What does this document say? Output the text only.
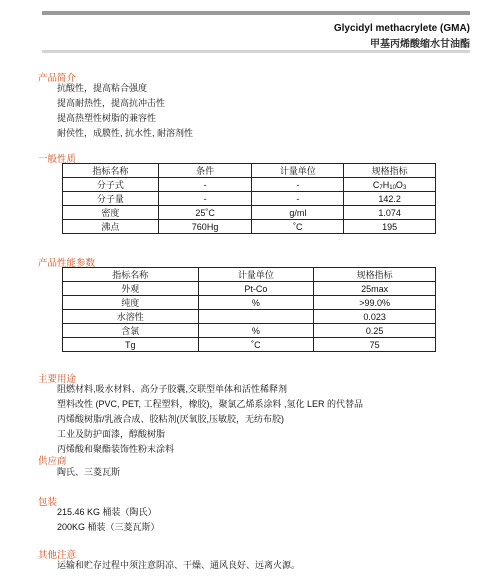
Glycidyl methacrylete (GMA)
甲基丙烯酸缩水甘油酯
产品简介
抗酸性，提高粘合强度
提高耐热性，提高抗冲击性
提高热塑性树脂的兼容性
耐侯性，成膜性, 抗水性, 耐溶剂性
一般性质
指标名称	条件	计量单位	规格指标
分子式	-	-	$C_7H_{10}O_3$
分子量	-	-	142.2
密度	25˚C	g/ml	1.074
沸点	760Hg	˚C	195
产品性能参数
指标名称	计量单位	规格指标
外观	Pt-Co	25max
纯度	%	>99.0%
水溶性		0.023
含氯	%	0.25
Tg	˚C	75
主要用途
阻燃材料,吸水材料、高分子胶囊,交联型单体和活性稀释剂
塑料改性 (PVC, PET, 工程塑料，橡胶)，聚氯乙烯系涂料 ,氢化 LER 的代替品
丙烯酸树脂/乳液合成、胶粘剂(厌氧胶,压敏胶，无纺布胶)
工业及防护面漆，醇酸树脂
丙烯酸和聚酯装饰性粉末涂料
供应商
陶氏、三菱瓦斯
包装
215.46 KG 桶装（陶氏）
200KG 桶装（三菱瓦斯）
其他注意
运输和贮存过程中须注意阴凉、干燥、通风良好、远离火源。
